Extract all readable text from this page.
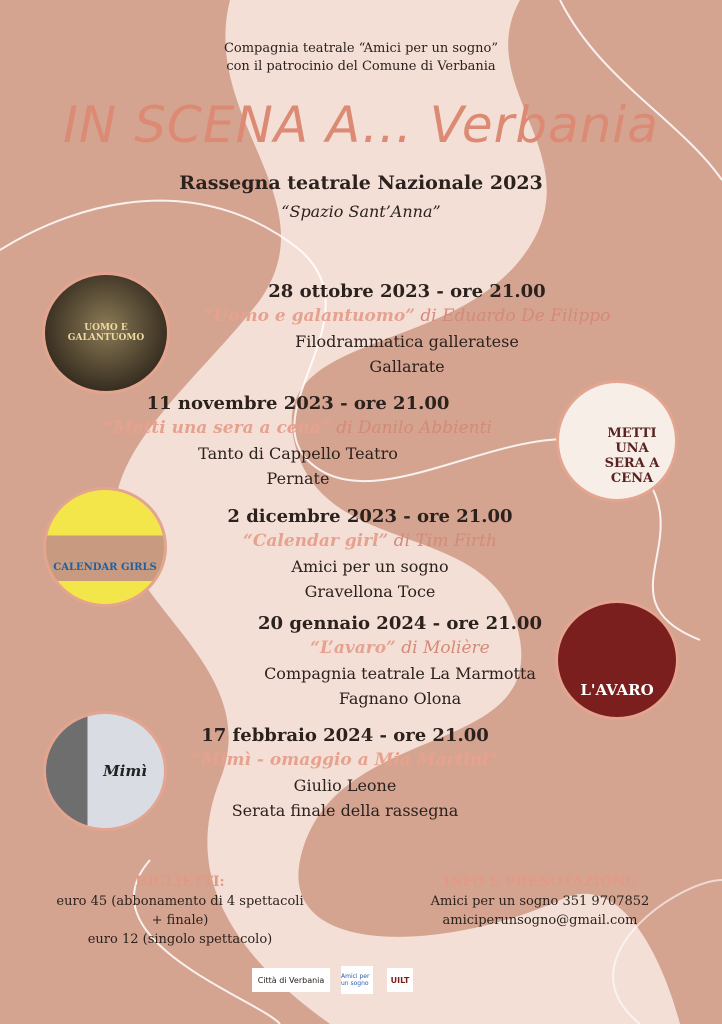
Compagnia teatrale “Amici per un sogno”
con il patrocinio del Comune di Verbania
IN SCENA A... Verbania
Rassegna teatrale Nazionale 2023
“Spazio Sant’Anna”
28 ottobre 2023 - ore 21.00
“Uomo e galantuomo” di Eduardo De Filippo
Filodrammatica galleratese
Gallarate
UOMO E GALANTUOMO
11 novembre 2023 - ore 21.00
“Metti una sera a cena” di Danilo Abbienti
Tanto di Cappello Teatro
Pernate
METTI UNA SERA A CENA
2 dicembre 2023 - ore 21.00
“Calendar girl” di Tim Firth
Amici per un sogno
Gravellona Toce
CALENDAR GIRLS
20 gennaio 2024 - ore 21.00
“L’avaro” di Molière
Compagnia teatrale La Marmotta
Fagnano Olona	L'AVARO
17 febbraio 2024 - ore 21.00
“Mimì - omaggio a Mia Martini”
Giulio Leone
Serata finale della rassegna
Mimì
BIGLIETTI:
euro 45 (abbonamento di 4 spettacoli
+ finale)
euro 12 (singolo spettacolo)
INFO E PRENOTAZIONI:
Amici per un sogno 351 9707852
amiciperunsogno@gmail.com
Città di Verbania	Amici per un sogno	UILT
